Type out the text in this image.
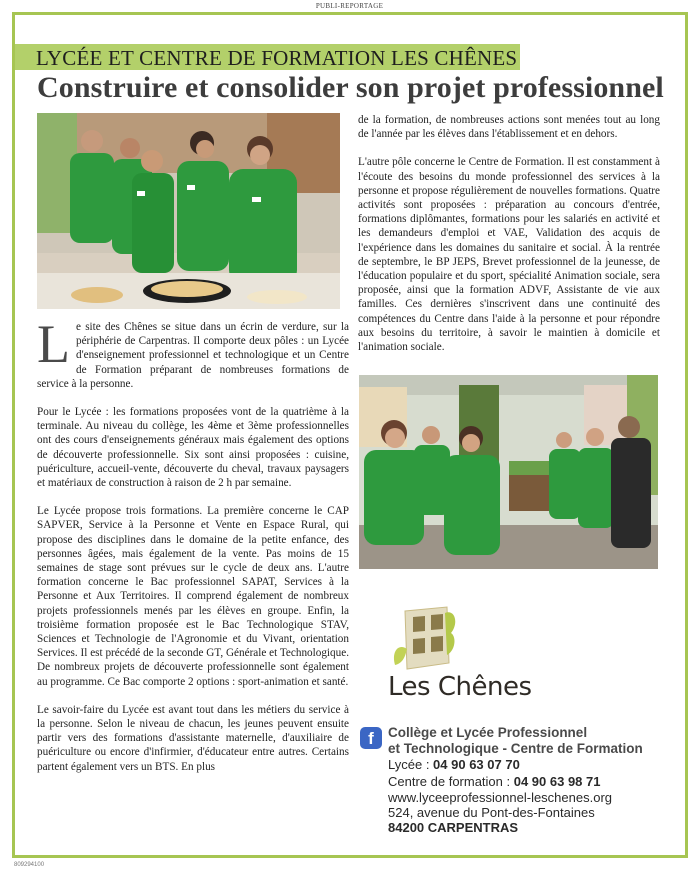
PUBLI-REPORTAGE
LYCÉE ET CENTRE DE FORMATION LES CHÊNES
Construire et consolider son projet professionnel

Le site des Chênes se situe dans un écrin de verdure, sur la périphérie de Carpentras. Il comporte deux pôles : un Lycée d'enseignement professionnel et technologique et un Centre de Formation préparant de nombreuses formations de service à la personne.

Pour le Lycée : les formations proposées vont de la quatrième à la terminale. Au niveau du collège, les 4ème et 3ème professionnelles ont des cours d'enseignements généraux mais également des options de découverte professionnelle. Six sont ainsi proposées : cuisine, puériculture, accueil-vente, découverte du cheval, travaux paysagers et matériaux de construction à raison de 2 h par semaine.

Le Lycée propose trois formations. La première concerne le CAP SAPVER, Service à la Personne et Vente en Espace Rural, qui propose des disciplines dans le domaine de la petite enfance, des personnes âgées, mais également de la vente. Pas moins de 15 semaines de stage sont prévues sur le cycle de deux ans. L'autre formation concerne le Bac professionnel SAPAT, Services à la Personne et Aux Territoires. Il comprend également de nombreux projets professionnels menés par les élèves en groupe. Enfin, la troisième formation proposée est le Bac Technologique STAV, Sciences et Technologie de l'Agronomie et du Vivant, orientation Services. Il est précédé de la seconde GT, Générale et Technologique. De nombreux projets de découverte professionnelle sont également au programme. Ce Bac comporte 2 options : sport-animation et santé.

Le savoir-faire du Lycée est avant tout dans les métiers du service à la personne. Selon le niveau de chacun, les jeunes peuvent ensuite partir vers des formations d'assistante maternelle, d'auxiliaire de puériculture ou encore d'infirmier, d'éducateur entre autres. Certains partent également vers un BTS. En plus

de la formation, de nombreuses actions sont menées tout au long de l'année par les élèves dans l'établissement et en dehors.

L'autre pôle concerne le Centre de Formation. Il est constamment à l'écoute des besoins du monde professionnel des services à la personne et propose régulièrement de nouvelles formations. Quatre activités sont proposées : préparation au concours d'entrée, formations diplômantes, formations pour les salariés en activité et les demandeurs d'emploi et VAE, Validation des acquis de l'expérience dans les domaines du sanitaire et social. À la rentrée de septembre, le BP JEPS, Brevet professionnel de la jeunesse, de l'éducation populaire et du sport, spécialité Animation sociale, sera proposée, ainsi que la formation ADVF, Assistante de vie aux familles. Ces dernières s'inscrivent dans une continuité des compétences du Centre dans l'aide à la personne et pour répondre aux besoins du territoire, à savoir le maintien à domicile et l'animation sociale.

Les Chênes
f	Collège et Lycée Professionnel
et Technologique - Centre de Formation
Lycée : 04 90 63 07 70
Centre de formation : 04 90 63 98 71
www.lyceeprofessionnel-leschenes.org
524, avenue du Pont-des-Fontaines
84200 CARPENTRAS
809294100
